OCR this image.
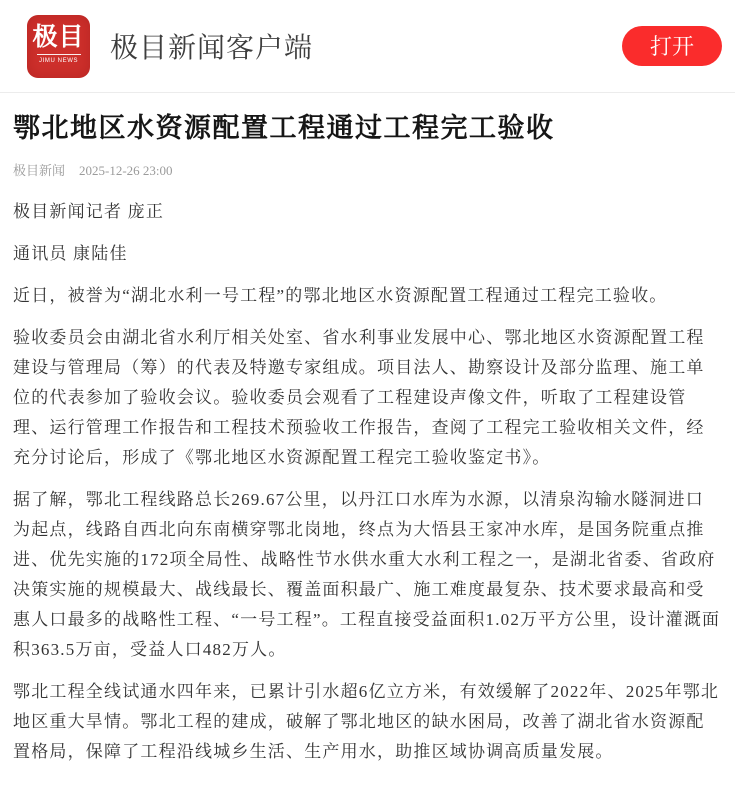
极目
JIMU NEWS 极目新闻客户端	打开
鄂北地区水资源配置工程通过工程完工验收
极目新闻 2025-12-26 23:00

极目新闻记者 庞正

通讯员 康陆佳

近日，被誉为“湖北水利一号工程”的鄂北地区水资源配置工程通过工程完工验收。

验收委员会由湖北省水利厅相关处室、省水利事业发展中心、鄂北地区水资源配置工程建设与管理局（筹）的代表及特邀专家组成。项目法人、勘察设计及部分监理、施工单位的代表参加了验收会议。验收委员会观看了工程建设声像文件，听取了工程建设管理、运行管理工作报告和工程技术预验收工作报告，查阅了工程完工验收相关文件，经充分讨论后，形成了《鄂北地区水资源配置工程完工验收鉴定书》。

据了解，鄂北工程线路总长269.67公里，以丹江口水库为水源，以清泉沟输水隧洞进口为起点，线路自西北向东南横穿鄂北岗地，终点为大悟县王家冲水库，是国务院重点推进、优先实施的172项全局性、战略性节水供水重大水利工程之一，是湖北省委、省政府决策实施的规模最大、战线最长、覆盖面积最广、施工难度最复杂、技术要求最高和受惠人口最多的战略性工程、“一号工程”。工程直接受益面积1.02万平方公里，设计灌溉面积363.5万亩，受益人口482万人。

鄂北工程全线试通水四年来，已累计引水超6亿立方米，有效缓解了2022年、2025年鄂北地区重大旱情。鄂北工程的建成，破解了鄂北地区的缺水困局，改善了湖北省水资源配置格局，保障了工程沿线城乡生活、生产用水，助推区域协调高质量发展。
